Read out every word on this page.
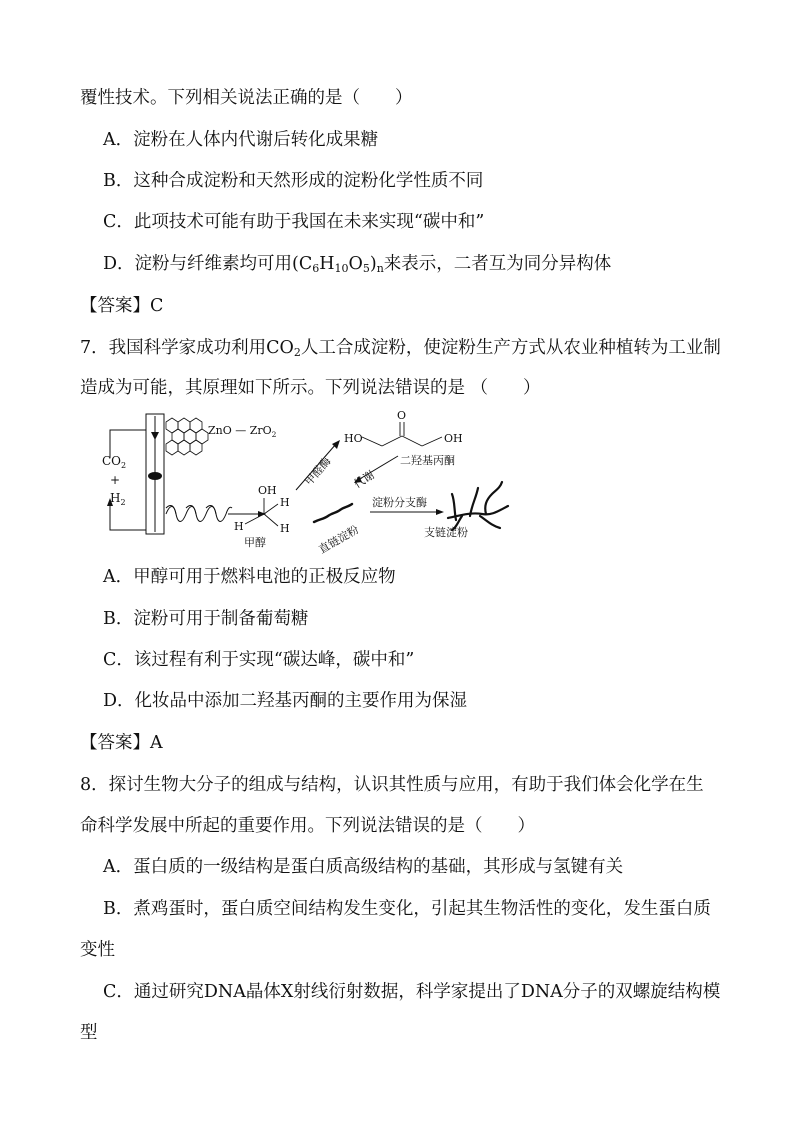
覆性技术。下列相关说法正确的是（　　）
A．淀粉在人体内代谢后转化成果糖
B．这种合成淀粉和天然形成的淀粉化学性质不同
C．此项技术可能有助于我国在未来实现“碳中和”
D．淀粉与纤维素均可用$(C_6H_{10}O_5)_n$来表示，二者互为同分异构体
【答案】C
7．我国科学家成功利用$CO_2$人工合成淀粉，使淀粉生产方式从农业种植转为工业制
造成为可能，其原理如下所示。下列说法错误的是 （　　）
$CO_2$
+
$H_2$
ZnO — ZrO$_2$
OH
H
H	H
甲醇
甲醛酶
HO
O
OH
二羟基丙酮
代谢
直链淀粉
淀粉分支酶
支链淀粉
A．甲醇可用于燃料电池的正极反应物
B．淀粉可用于制备葡萄糖
C．该过程有利于实现“碳达峰，碳中和”
D．化妆品中添加二羟基丙酮的主要作用为保湿
【答案】A
8．探讨生物大分子的组成与结构，认识其性质与应用，有助于我们体会化学在生
命科学发展中所起的重要作用。下列说法错误的是（　　）
A．蛋白质的一级结构是蛋白质高级结构的基础，其形成与氢键有关
B．煮鸡蛋时，蛋白质空间结构发生变化，引起其生物活性的变化，发生蛋白质
变性
C．通过研究DNA晶体X射线衍射数据，科学家提出了DNA分子的双螺旋结构模
型
